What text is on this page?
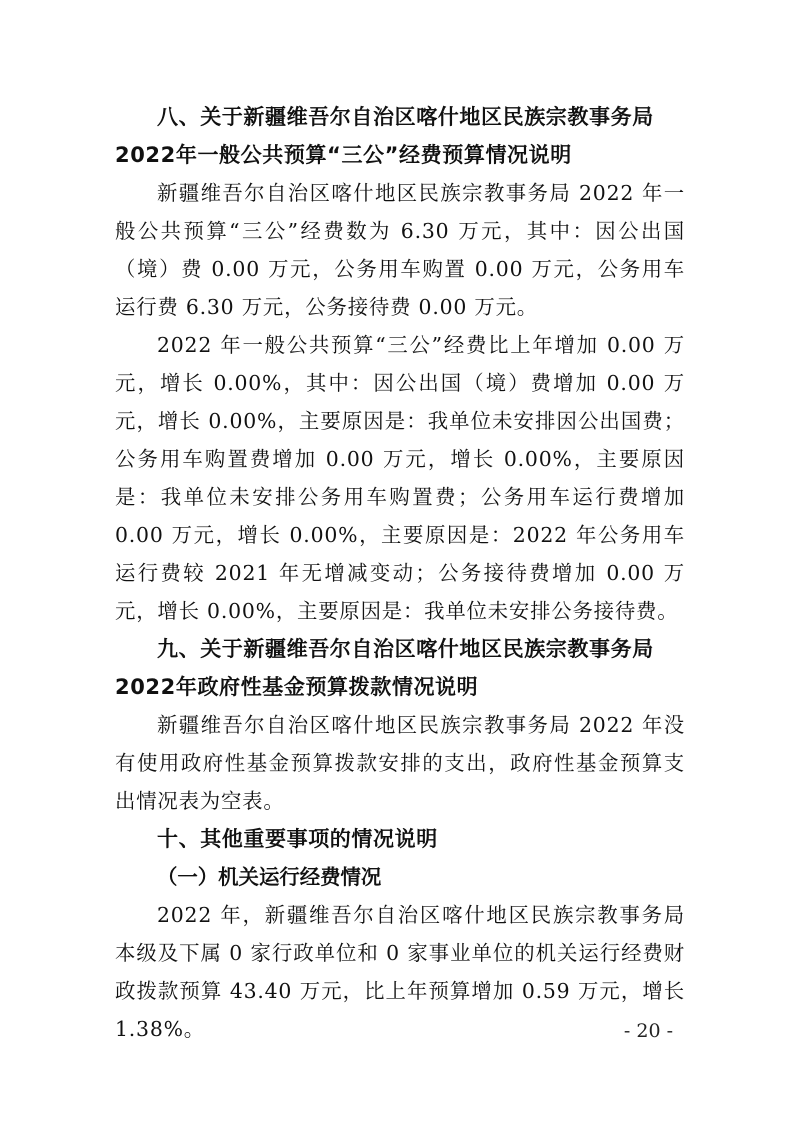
八、关于新疆维吾尔自治区喀什地区民族宗教事务局2022年一般公共预算“三公”经费预算情况说明

新疆维吾尔自治区喀什地区民族宗教事务局 2022 年一般公共预算“三公”经费数为 6.30 万元，其中：因公出国（境）费 0.00 万元，公务用车购置 0.00 万元，公务用车运行费 6.30 万元，公务接待费 0.00 万元。

2022 年一般公共预算“三公”经费比上年增加 0.00 万元，增长 0.00%，其中：因公出国（境）费增加 0.00 万元，增长 0.00%，主要原因是：我单位未安排因公出国费；公务用车购置费增加 0.00 万元，增长 0.00%，主要原因是：我单位未安排公务用车购置费；公务用车运行费增加 0.00 万元，增长 0.00%，主要原因是：2022 年公务用车运行费较 2021 年无增减变动；公务接待费增加 0.00 万元，增长 0.00%，主要原因是：我单位未安排公务接待费。

九、关于新疆维吾尔自治区喀什地区民族宗教事务局2022年政府性基金预算拨款情况说明

新疆维吾尔自治区喀什地区民族宗教事务局 2022 年没有使用政府性基金预算拨款安排的支出，政府性基金预算支出情况表为空表。

十、其他重要事项的情况说明

（一）机关运行经费情况

2022 年，新疆维吾尔自治区喀什地区民族宗教事务局本级及下属 0 家行政单位和 0 家事业单位的机关运行经费财政拨款预算 43.40 万元，比上年预算增加 0.59 万元，增长 1.38%。	- 20 -
